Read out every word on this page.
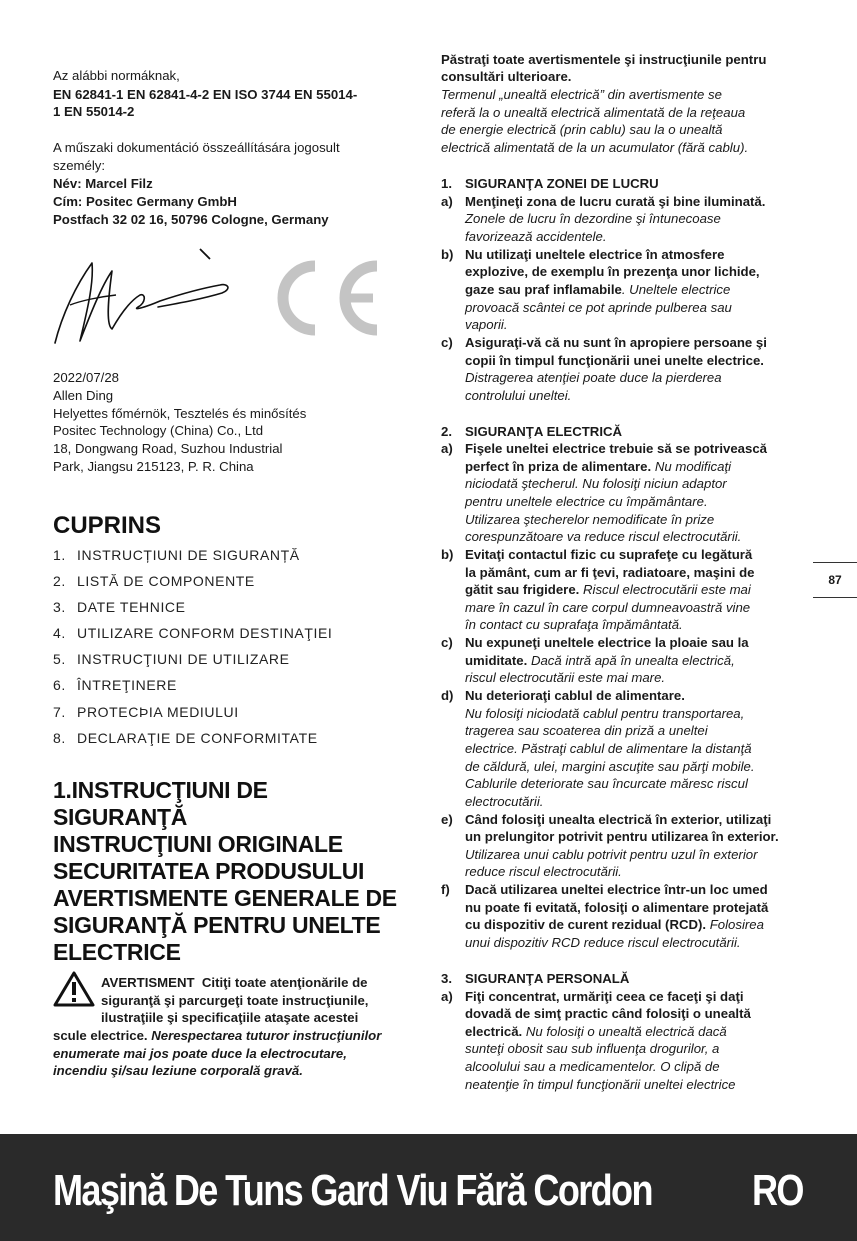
Az alábbi normáknak,
EN 62841-1 EN 62841-4-2 EN ISO 3744 EN 55014-
1 EN 55014-2
A műszaki dokumentáció összeállítására jogosult
személy:
Név: Marcel Filz
Cím: Positec Germany GmbH
Postfach 32 02 16, 50796 Cologne, Germany
2022/07/28
Allen Ding
Helyettes főmérnök, Tesztelés és minősítés
Positec Technology (China) Co., Ltd
18, Dongwang Road, Suzhou Industrial
Park, Jiangsu 215123, P. R. China
CUPRINS
1. INSTRUCȚIUNI DE SIGURANȚĂ
2. LISTĂ DE COMPONENTE
3. DATE TEHNICE
4. UTILIZARE CONFORM DESTINAŢIEI
5. INSTRUCŢIUNI DE UTILIZARE
6. ÎNTREŢINERE
7. PROTECÞIA MEDIULUI
8. DECLARAŢIE DE CONFORMITATE
1.INSTRUCŢIUNI DE
SIGURANŢĂ
INSTRUCŢIUNI ORIGINALE
SECURITATEA PRODUSULUI
AVERTISMENTE GENERALE DE
SIGURANŢĂ PENTRU UNELTE
ELECTRICE
AVERTISMENT Citiţi toate atenţionările de
siguranţă şi parcurgeţi toate instrucţiunile,
ilustraţiile şi specificaţiile ataşate acestei
scule electrice. Nerespectarea tuturor instrucţiunilor
enumerate mai jos poate duce la electrocutare,
incendiu şi/sau leziune corporală gravă.
Păstraţi toate avertismentele şi instrucţiunile pentru
consultări ulterioare.
Termenul „unealtă electrică” din avertismente se
referă la o unealtă electrică alimentată de la reţeaua
de energie electrică (prin cablu) sau la o unealtă
electrică alimentată de la un acumulator (fără cablu).
1. SIGURANŢA ZONEI DE LUCRU
a) Menţineţi zona de lucru curată şi bine iluminată.
Zonele de lucru în dezordine şi întunecoase
favorizează accidentele.
b) Nu utilizaţi uneltele electrice în atmosfere
explozive, de exemplu în prezenţa unor lichide,
gaze sau praf inflamabile. Uneltele electrice
provoacă scântei ce pot aprinde pulberea sau
vaporii.
c) Asiguraţi-vă că nu sunt în apropiere persoane şi
copii în timpul funcţionării unei unelte electrice.
Distragerea atenţiei poate duce la pierderea
controlului uneltei.
2. SIGURANŢA ELECTRICĂ
a) Fişele uneltei electrice trebuie să se potrivească
perfect în priza de alimentare. Nu modificaţi
niciodată ştecherul. Nu folosiţi niciun adaptor
pentru uneltele electrice cu împământare.
Utilizarea ştecherelor nemodificate în prize
corespunzătoare va reduce riscul electrocutării.
b) Evitaţi contactul fizic cu suprafeţe cu legătură
la pământ, cum ar fi ţevi, radiatoare, maşini de
gătit sau frigidere. Riscul electrocutării este mai
mare în cazul în care corpul dumneavoastră vine
în contact cu suprafaţa împământată.
c) Nu expuneţi uneltele electrice la ploaie sau la
umiditate. Dacă intră apă în unealta electrică,
riscul electrocutării este mai mare.
d) Nu deterioraţi cablul de alimentare.
Nu folosiţi niciodată cablul pentru transportarea,
tragerea sau scoaterea din priză a uneltei
electrice. Păstraţi cablul de alimentare la distanţă
de căldură, ulei, margini ascuţite sau părţi mobile.
Cablurile deteriorate sau încurcate măresc riscul
electrocutării.
e) Când folosiţi unealta electrică în exterior, utilizaţi
un prelungitor potrivit pentru utilizarea în exterior.
Utilizarea unui cablu potrivit pentru uzul în exterior
reduce riscul electrocutării.
f) Dacă utilizarea uneltei electrice într-un loc umed
nu poate fi evitată, folosiţi o alimentare protejată
cu dispozitiv de curent rezidual (RCD). Folosirea
unui dispozitiv RCD reduce riscul electrocutării.
3. SIGURANŢA PERSONALĂ
a) Fiţi concentrat, urmăriţi ceea ce faceţi şi daţi
dovadă de simţ practic când folosiţi o unealtă
electrică. Nu folosiţi o unealtă electrică dacă
sunteţi obosit sau sub influenţa drogurilor, a
alcoolului sau a medicamentelor. O clipă de
neatenţie în timpul funcţionării uneltei electrice
87
Maşină De Tuns Gard Viu Fără Cordon RO
